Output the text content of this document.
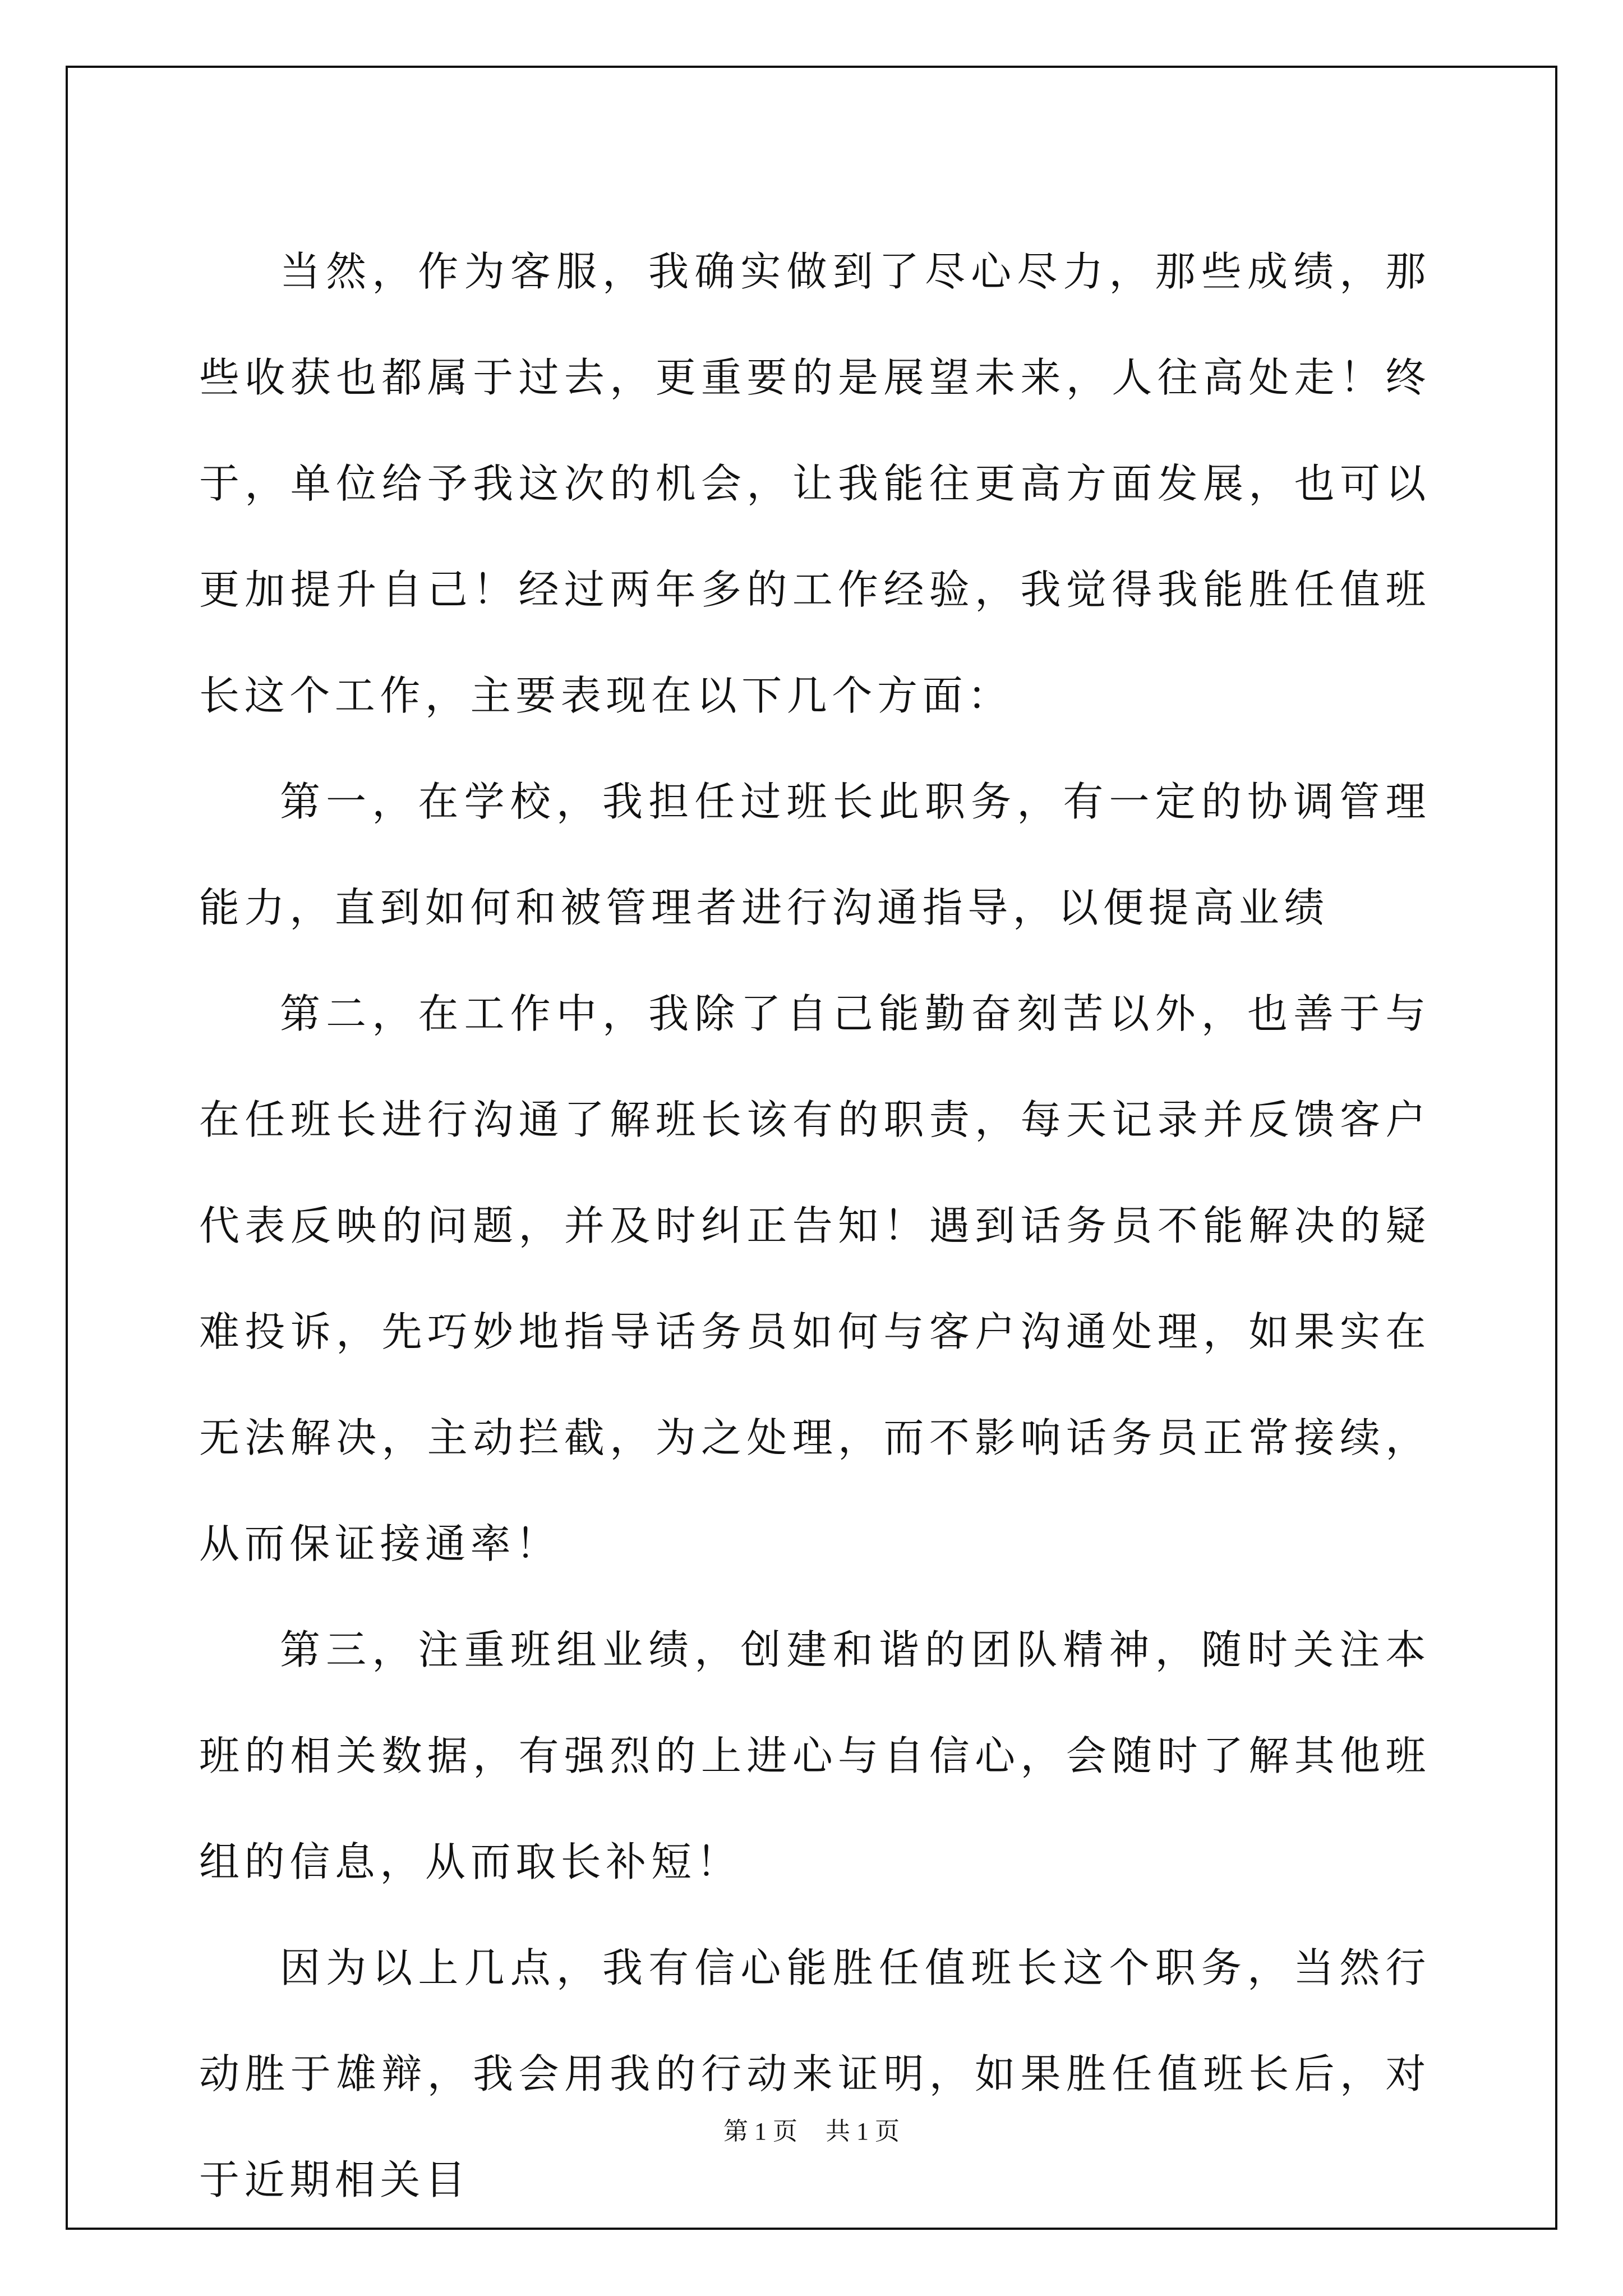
当然，作为客服，我确实做到了尽心尽力，那些成绩，那些收获也都属于过去，更重要的是展望未来，人往高处走！终于，单位给予我这次的机会，让我能往更高方面发展，也可以更加提升自己！经过两年多的工作经验，我觉得我能胜任值班长这个工作，主要表现在以下几个方面：

第一，在学校，我担任过班长此职务，有一定的协调管理能力，直到如何和被管理者进行沟通指导，以便提高业绩

第二，在工作中，我除了自己能勤奋刻苦以外，也善于与在任班长进行沟通了解班长该有的职责，每天记录并反馈客户代表反映的问题，并及时纠正告知！遇到话务员不能解决的疑难投诉，先巧妙地指导话务员如何与客户沟通处理，如果实在无法解决，主动拦截，为之处理，而不影响话务员正常接续，从而保证接通率！

第三，注重班组业绩，创建和谐的团队精神，随时关注本班的相关数据，有强烈的上进心与自信心，会随时了解其他班组的信息，从而取长补短！

因为以上几点，我有信心能胜任值班长这个职务，当然行动胜于雄辩，我会用我的行动来证明，如果胜任值班长后，对于近期相关目

第 1 页 共 1 页
